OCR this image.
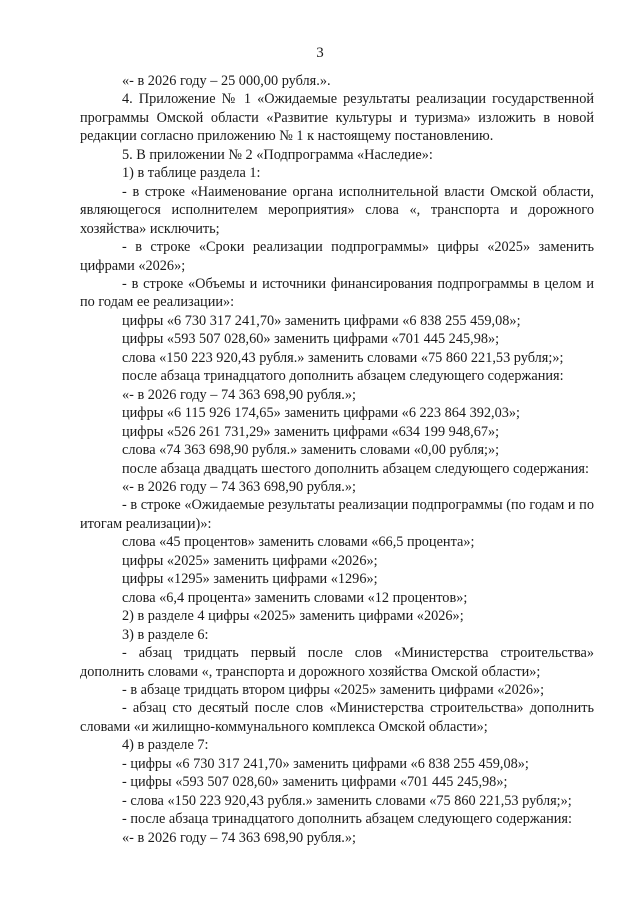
3

«- в 2026 году – 25 000,00 рубля.».

4. Приложение № 1 «Ожидаемые результаты реализации государственной программы Омской области «Развитие культуры и туризма» изложить в новой редакции согласно приложению № 1 к настоящему постановлению.

5. В приложении № 2 «Подпрограмма «Наследие»:

1) в таблице раздела 1:

- в строке «Наименование органа исполнительной власти Омской области, являющегося исполнителем мероприятия» слова «, транспорта и дорожного хозяйства» исключить;

- в строке «Сроки реализации подпрограммы» цифры «2025» заменить цифрами «2026»;

- в строке «Объемы и источники финансирования подпрограммы в целом и по годам ее реализации»:

цифры «6 730 317 241,70» заменить цифрами «6 838 255 459,08»;

цифры «593 507 028,60» заменить цифрами «701 445 245,98»;

слова «150 223 920,43 рубля.» заменить словами «75 860 221,53 рубля;»;

после абзаца тринадцатого дополнить абзацем следующего содержания:

«- в 2026 году – 74 363 698,90 рубля.»;

цифры «6 115 926 174,65» заменить цифрами «6 223 864 392,03»;

цифры «526 261 731,29» заменить цифрами «634 199 948,67»;

слова «74 363 698,90 рубля.» заменить словами «0,00 рубля;»;

после абзаца двадцать шестого дополнить абзацем следующего содержания:

«- в 2026 году – 74 363 698,90 рубля.»;

- в строке «Ожидаемые результаты реализации подпрограммы (по годам и по итогам реализации)»:

слова «45 процентов» заменить словами «66,5 процента»;

цифры «2025» заменить цифрами «2026»;

цифры «1295» заменить цифрами «1296»;

слова «6,4 процента» заменить словами «12 процентов»;

2) в разделе 4 цифры «2025» заменить цифрами «2026»;

3) в разделе 6:

- абзац тридцать первый после слов «Министерства строительства» дополнить словами «, транспорта и дорожного хозяйства Омской области»;

- в абзаце тридцать втором цифры «2025» заменить цифрами «2026»;

- абзац сто десятый после слов «Министерства строительства» дополнить словами «и жилищно-коммунального комплекса Омской области»;

4) в разделе 7:

- цифры «6 730 317 241,70» заменить цифрами «6 838 255 459,08»;

- цифры «593 507 028,60» заменить цифрами «701 445 245,98»;

- слова «150 223 920,43 рубля.» заменить словами «75 860 221,53 рубля;»;

- после абзаца тринадцатого дополнить абзацем следующего содержания:

«- в 2026 году – 74 363 698,90 рубля.»;
